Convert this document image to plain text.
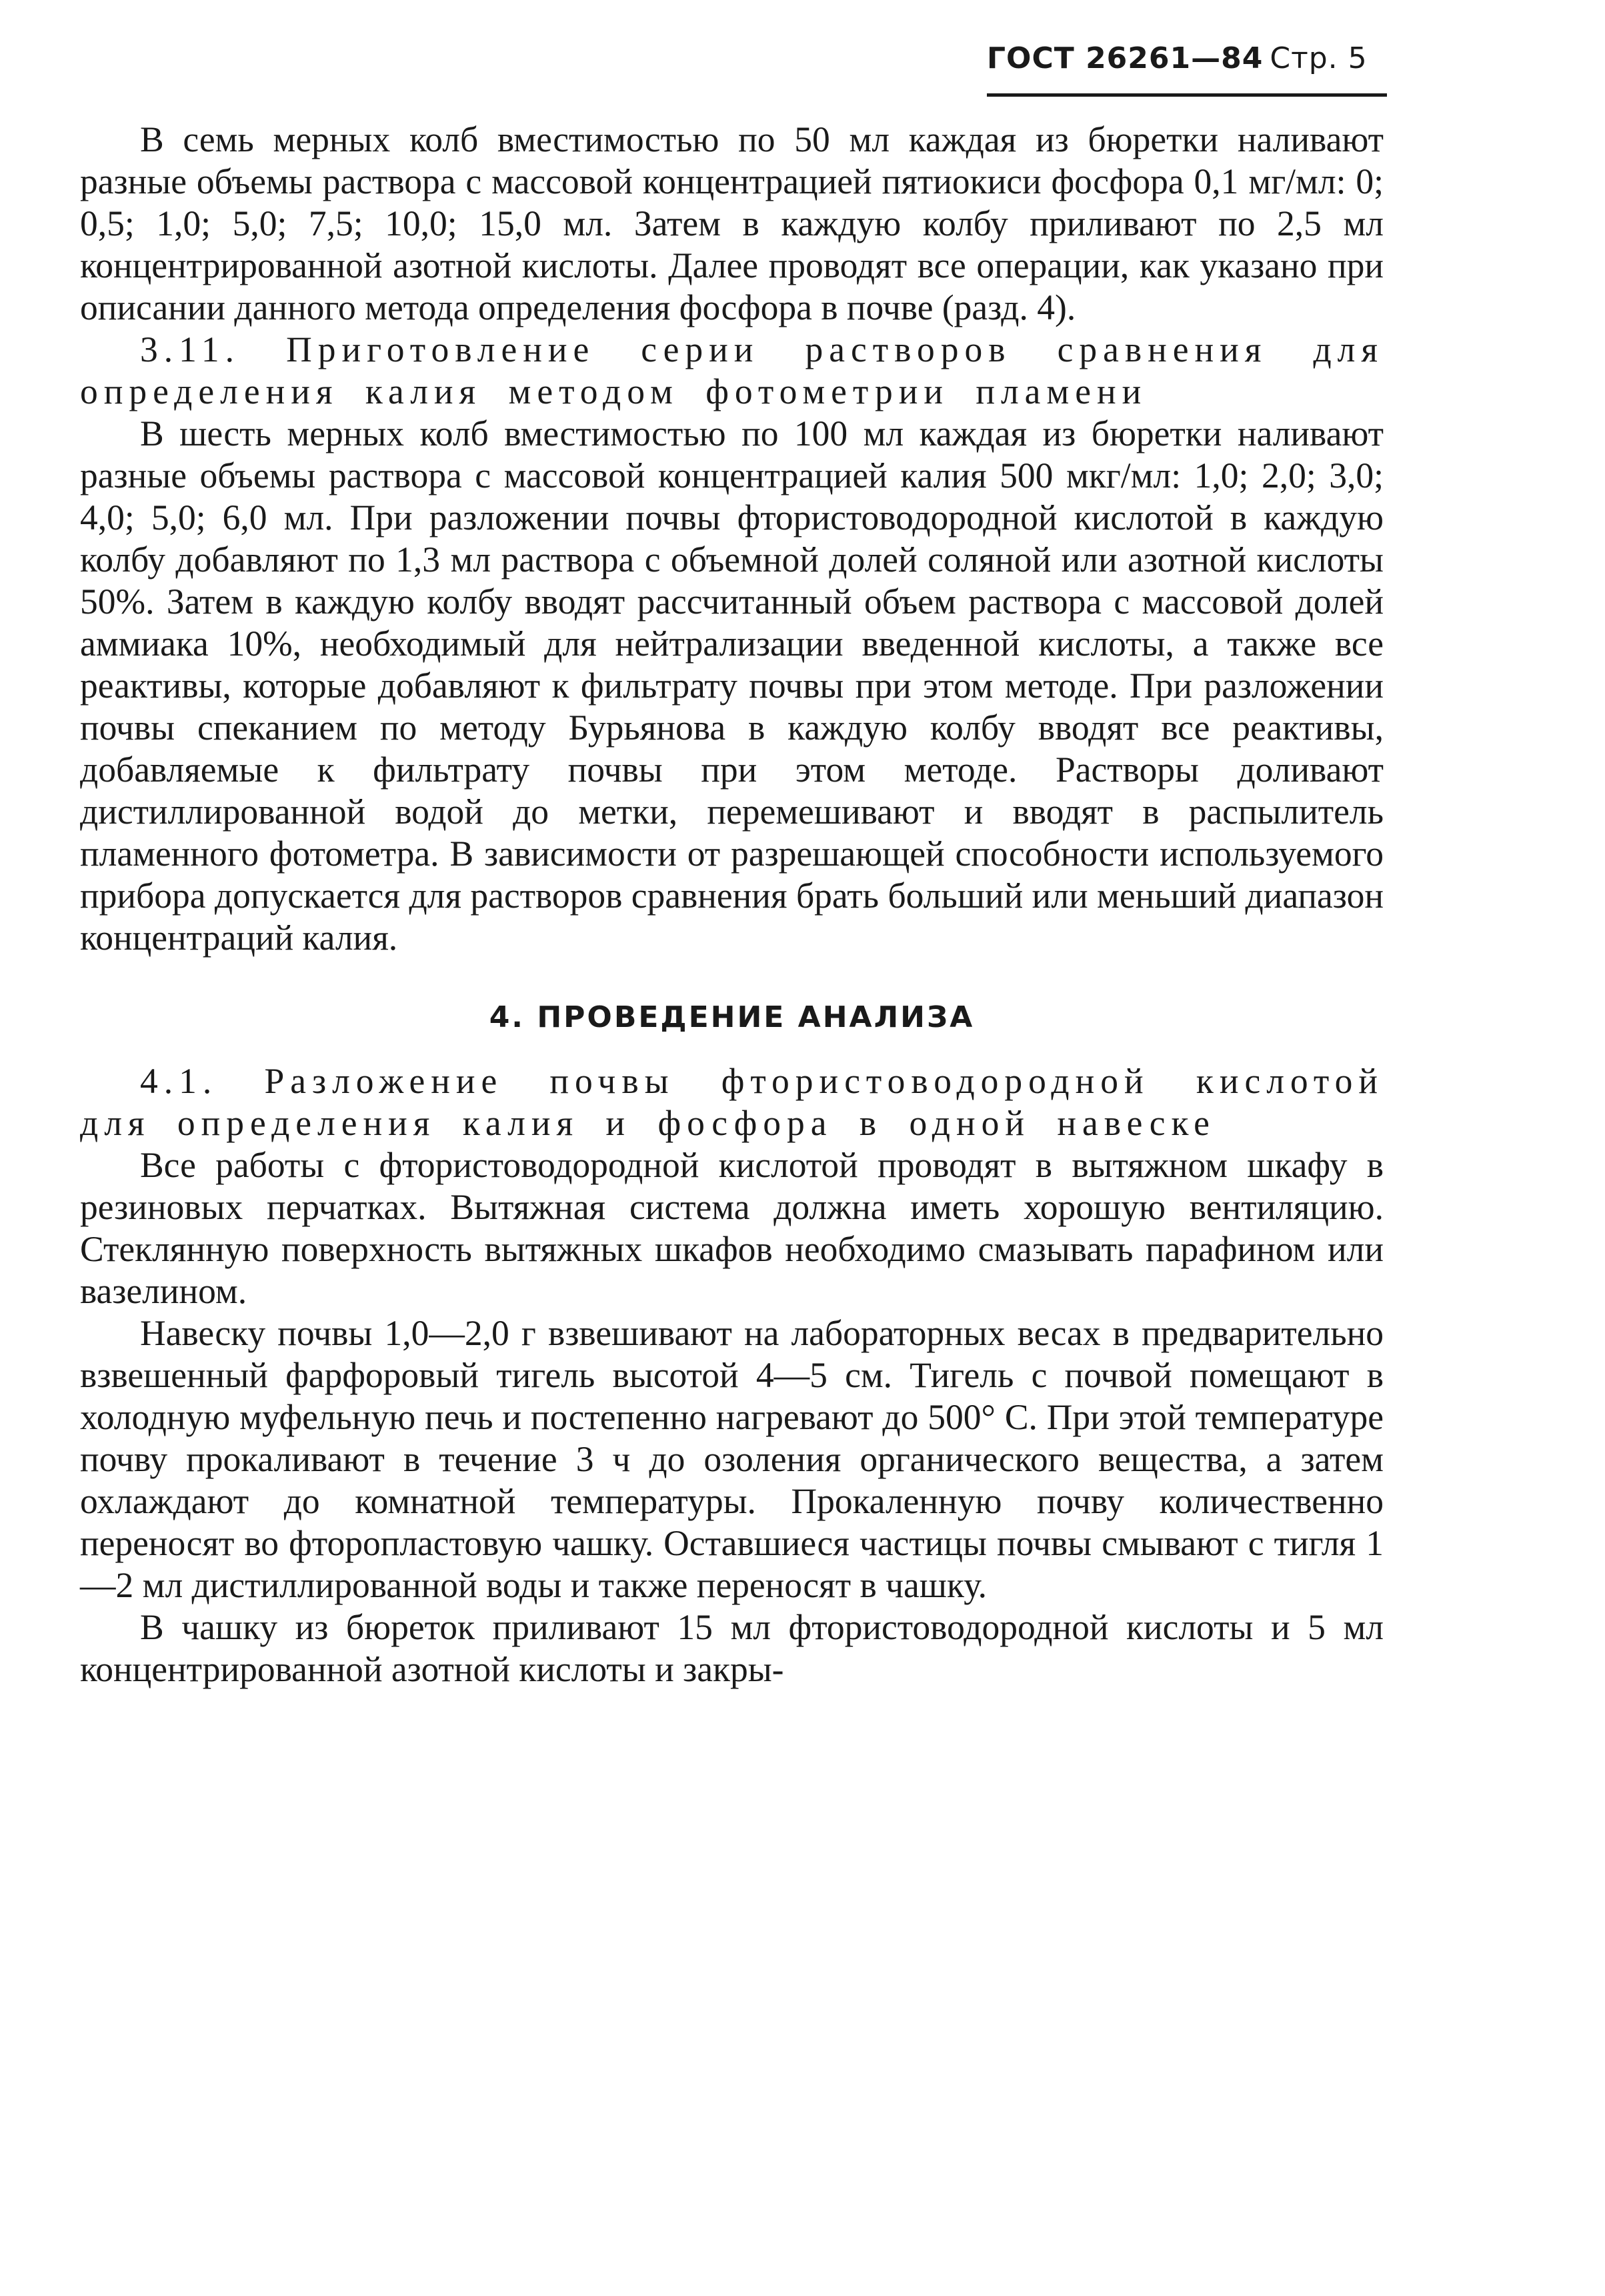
ГОСТ 26261—84 Стр. 5

В семь мерных колб вместимостью по 50 мл каждая из бюретки наливают разные объемы раствора с массовой концентрацией пятиокиси фосфора 0,1 мг/мл: 0; 0,5; 1,0; 5,0; 7,5; 10,0; 15,0 мл. Затем в каждую колбу приливают по 2,5 мл концентрированной азотной кислоты. Далее проводят все операции, как указано при описании данного метода определения фосфора в почве (разд. 4).

3.11. Приготовление серии растворов сравнения для определения калия методом фотометрии пламени

В шесть мерных колб вместимостью по 100 мл каждая из бюретки наливают разные объемы раствора с массовой концентрацией калия 500 мкг/мл: 1,0; 2,0; 3,0; 4,0; 5,0; 6,0 мл. При разложении почвы фтористоводородной кислотой в каждую колбу добавляют по 1,3 мл раствора с объемной долей соляной или азотной кислоты 50%. Затем в каждую колбу вводят рассчитанный объем раствора с массовой долей аммиака 10%, необходимый для нейтрализации введенной кислоты, а также все реактивы, которые добавляют к фильтрату почвы при этом методе. При разложении почвы спеканием по методу Бурьянова в каждую колбу вводят все реактивы, добавляемые к фильтрату почвы при этом методе. Растворы доливают дистиллированной водой до метки, перемешивают и вводят в распылитель пламенного фотометра. В зависимости от разрешающей способности используемого прибора допускается для растворов сравнения брать больший или меньший диапазон концентраций калия.

4. ПРОВЕДЕНИЕ АНАЛИЗА

4.1. Разложение почвы фтористоводородной кислотой для определения калия и фосфора в одной навеске

Все работы с фтористоводородной кислотой проводят в вытяжном шкафу в резиновых перчатках. Вытяжная система должна иметь хорошую вентиляцию. Стеклянную поверхность вытяжных шкафов необходимо смазывать парафином или вазелином.

Навеску почвы 1,0—2,0 г взвешивают на лабораторных весах в предварительно взвешенный фарфоровый тигель высотой 4—5 см. Тигель с почвой помещают в холодную муфельную печь и постепенно нагревают до 500° С. При этой температуре почву прокаливают в течение 3 ч до озоления органического вещества, а затем охлаждают до комнатной температуры. Прокаленную почву количественно переносят во фторопластовую чашку. Оставшиеся частицы почвы смывают с тигля 1—2 мл дистиллированной воды и также переносят в чашку.

В чашку из бюреток приливают 15 мл фтористоводородной кислоты и 5 мл концентрированной азотной кислоты и закры-
